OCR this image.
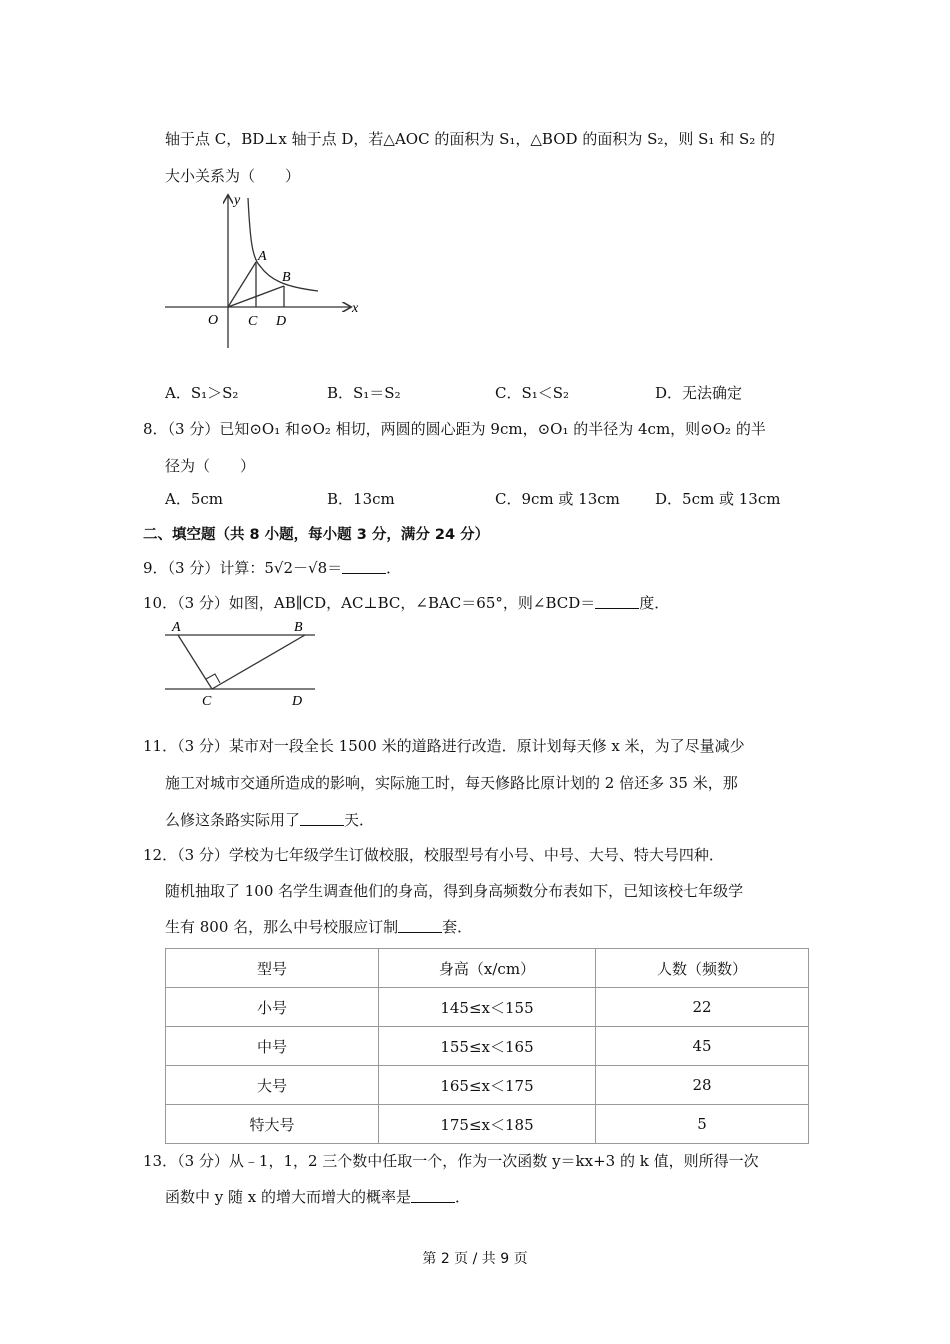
轴于点 C，BD⊥x 轴于点 D，若△AOC 的面积为 S₁，△BOD 的面积为 S₂，则 S₁ 和 S₂ 的
大小关系为（　　）
y
x
O
A
B
C D
A．S₁＞S₂	B．S₁＝S₂	C．S₁＜S₂	D．无法确定
8．（3 分）已知⊙O₁ 和⊙O₂ 相切，两圆的圆心距为 9cm，⊙O₁ 的半径为 4cm，则⊙O₂ 的半
径为（　　）
A．5cm	B．13cm	C．9cm 或 13cm D．5cm 或 13cm
二、填空题（共 8 小题，每小题 3 分，满分 24 分）
9．（3 分）计算：5√2－√8＝	．
10．（3 分）如图，AB∥CD，AC⊥BC，∠BAC＝65°，则∠BCD＝	度．
A	B
C	D
11．（3 分）某市对一段全长 1500 米的道路进行改造．原计划每天修 x 米，为了尽量减少
施工对城市交通所造成的影响，实际施工时，每天修路比原计划的 2 倍还多 35 米，那
么修这条路实际用了	天．
12．（3 分）学校为七年级学生订做校服，校服型号有小号、中号、大号、特大号四种．
随机抽取了 100 名学生调查他们的身高，得到身高频数分布表如下，已知该校七年级学
生有 800 名，那么中号校服应订制	套．
型号	身高（x/cm）	人数（频数）
小号	145≤x＜155	22
中号	155≤x＜165	45
大号	165≤x＜175	28
特大号	175≤x＜185	5
13．（3 分）从﹣1，1，2 三个数中任取一个，作为一次函数 y＝kx+3 的 k 值，则所得一次
函数中 y 随 x 的增大而增大的概率是	．
第 2 页 / 共 9 页
